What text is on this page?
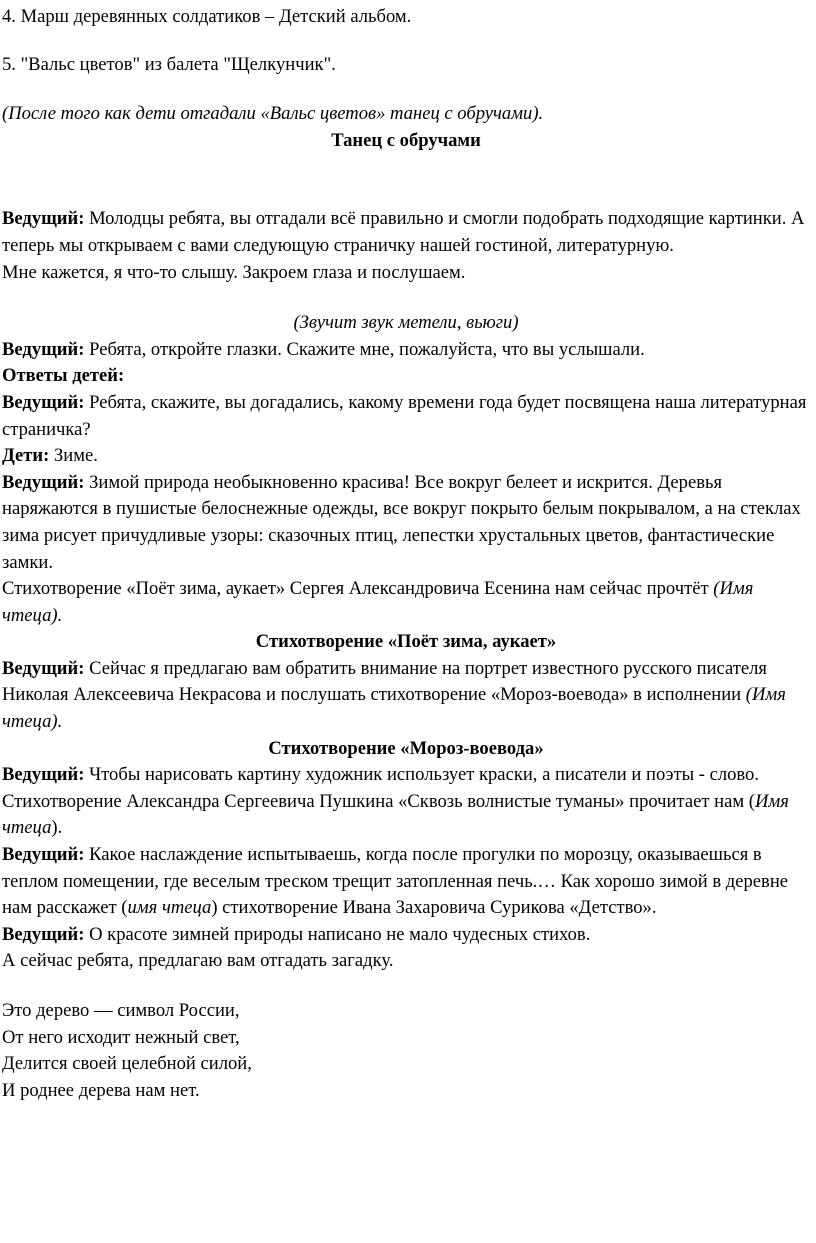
4. Марш деревянных солдатиков – Детский альбом.

5. "Вальс цветов" из балета "Щелкунчик".

(После того как дети отгадали «Вальс цветов» танец с обручами).

Танец с обручами

Ведущий: Молодцы ребята, вы отгадали всё правильно и смогли подобрать подходящие картинки. А теперь мы открываем с вами следующую страничку нашей гостиной, литературную.

Мне кажется, я что-то слышу. Закроем глаза и послушаем.

(Звучит звук метели, вьюги)

Ведущий: Ребята, откройте глазки. Скажите мне, пожалуйста, что вы услышали.

Ответы детей:

Ведущий: Ребята, скажите, вы догадались, какому времени года будет посвящена наша литературная страничка?

Дети: Зиме.

Ведущий: Зимой природа необыкновенно красива! Все вокруг белеет и искрится. Деревья наряжаются в пушистые белоснежные одежды, все вокруг покрыто белым покрывалом, а на стеклах зима рисует причудливые узоры: сказочных птиц, лепестки хрустальных цветов, фантастические замки.

Стихотворение «Поёт зима, аукает» Сергея Александровича Есенина нам сейчас прочтёт (Имя чтеца).

Стихотворение «Поёт зима, аукает»

Ведущий: Сейчас я предлагаю вам обратить внимание на портрет известного русского писателя Николая Алексеевича Некрасова и послушать стихотворение «Мороз-воевода» в исполнении (Имя чтеца).

Стихотворение «Мороз-воевода»

Ведущий: Чтобы нарисовать картину художник использует краски, а писатели и поэты - слово. Стихотворение Александра Сергеевича Пушкина «Сквозь волнистые туманы» прочитает нам (Имя чтеца).

Ведущий: Какое наслаждение испытываешь, когда после прогулки по морозцу, оказываешься в теплом помещении, где веселым треском трещит затопленная печь.… Как хорошо зимой в деревне нам расскажет (имя чтеца) стихотворение Ивана Захаровича Сурикова «Детство».

Ведущий: О красоте зимней природы написано не мало чудесных стихов.

А сейчас ребята, предлагаю вам отгадать загадку.

Это дерево — символ России,

От него исходит нежный свет,

Делится своей целебной силой,

И роднее дерева нам нет.
